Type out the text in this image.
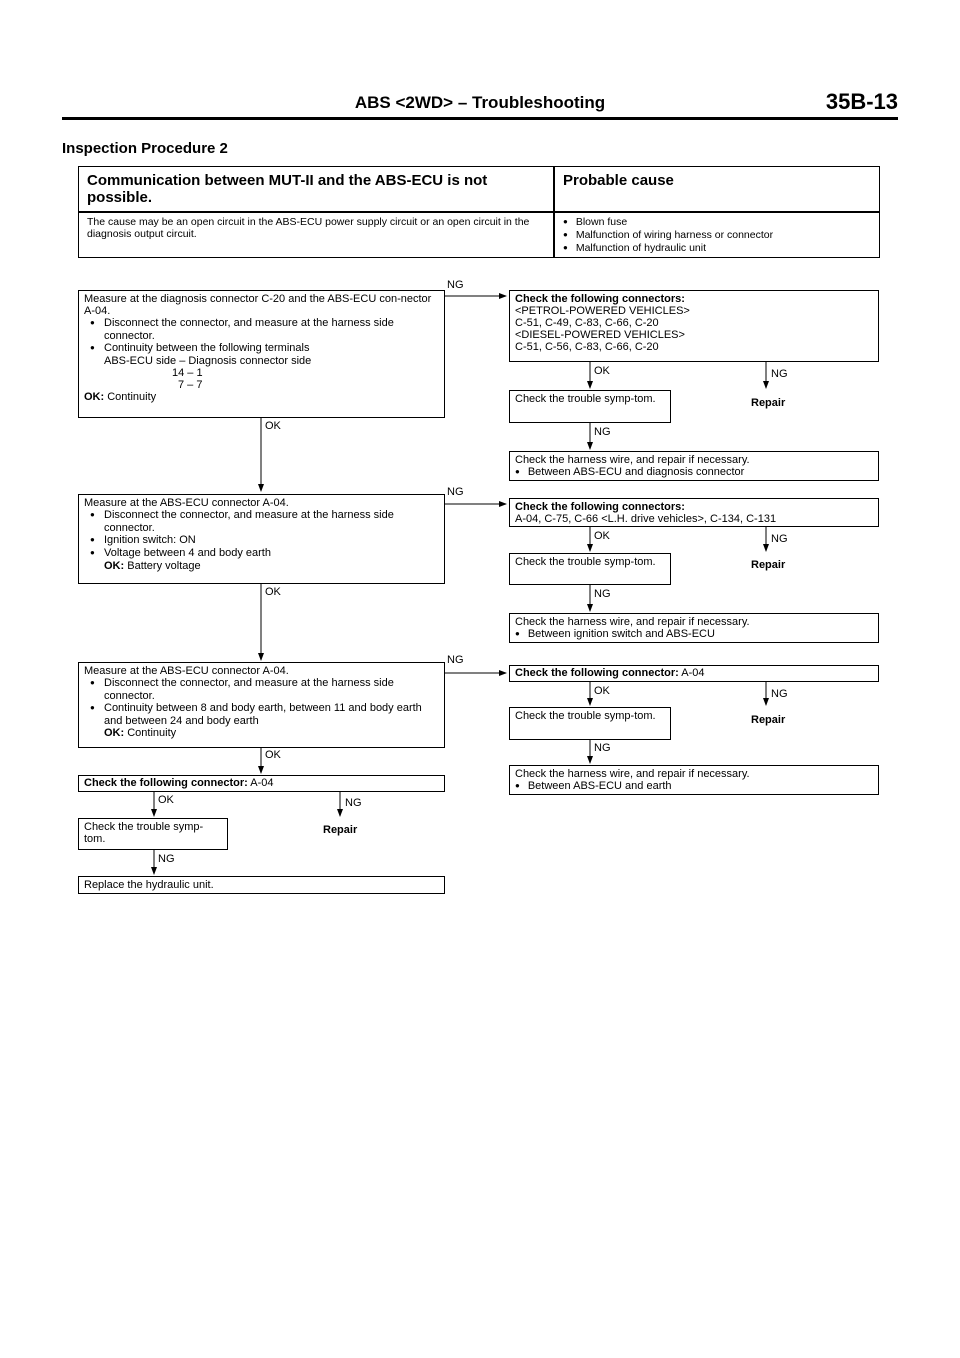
ABS <2WD> – Troubleshooting	35B-13
Inspection Procedure 2
Communication between MUT-II and the ABS-ECU is not possible.
Probable cause
The cause may be an open circuit in the ABS-ECU power supply circuit or an open circuit in the diagnosis output circuit.
● Blown fuse
● Malfunction of wiring harness or connector
● Malfunction of hydraulic unit
Measure at the diagnosis connector C-20 and the ABS-ECU con-nector A-04.
● Disconnect the connector, and measure at the harness side connector.
● Continuity between the following terminals
ABS-ECU side – Diagnosis connector side
14 – 1
7 – 7
OK: Continuity
NG
OK
Check the following connectors:
<PETROL-POWERED VEHICLES>
C-51, C-49, C-83, C-66, C-20
<DIESEL-POWERED VEHICLES>
C-51, C-56, C-83, C-66, C-20
OK	NG
Check the trouble symp-tom.	Repair
NG
Check the harness wire, and repair if necessary.
● Between ABS-ECU and diagnosis connector
Measure at the ABS-ECU connector A-04.
● Disconnect the connector, and measure at the harness side connector.
● Ignition switch: ON
● Voltage between 4 and body earth
OK: Battery voltage
NG
OK
Check the following connectors:
A-04, C-75, C-66 <L.H. drive vehicles>, C-134, C-131
OK	NG
Check the trouble symp-tom.	Repair
NG
Check the harness wire, and repair if necessary.
● Between ignition switch and ABS-ECU
Measure at the ABS-ECU connector A-04.
● Disconnect the connector, and measure at the harness side connector.
● Continuity between 8 and body earth, between 11 and body earth and between 24 and body earth
OK: Continuity
NG
OK
Check the following connector: A-04
OK	NG
Check the trouble symp-tom.	Repair
NG
Check the harness wire, and repair if necessary.
● Between ABS-ECU and earth
Check the following connector: A-04
OK	NG
Check the trouble symp-tom.
Repair
NG
Replace the hydraulic unit.
